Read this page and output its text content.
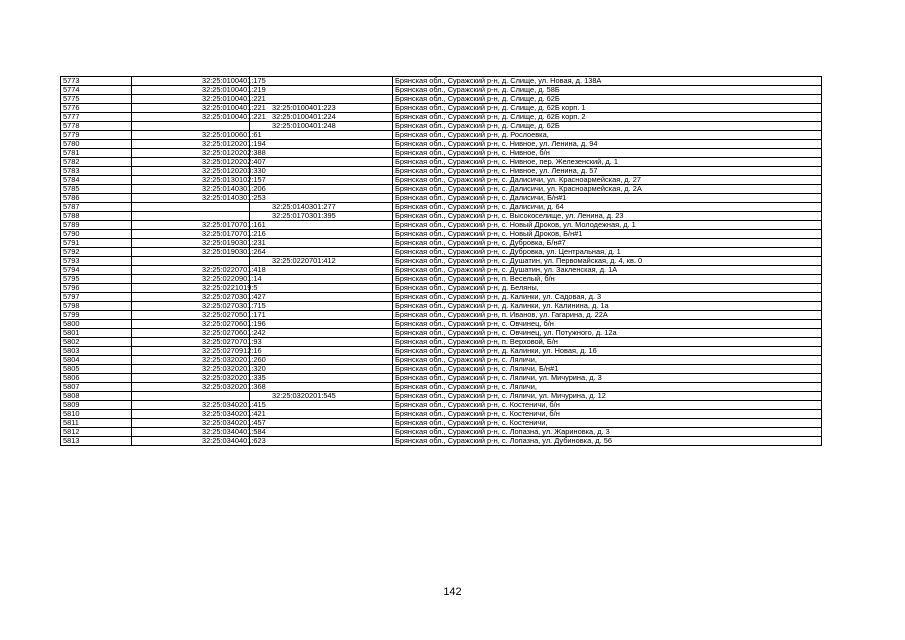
5773	32:25:0100401:175		Брянская обл., Суражский р-н, д. Слище, ул. Новая, д. 138А
5774	32:25:0100401:219		Брянская обл., Суражский р-н, д. Слище, д. 58Б
5775	32:25:0100401:221		Брянская обл., Суражский р-н, д. Слище, д. 62Б
5776	32:25:0100401:221	32:25:0100401:223	Брянская обл., Суражский р-н, д. Слище, д. 62Б корп. 1
5777	32:25:0100401:221	32:25:0100401:224	Брянская обл., Суражский р-н, д. Слище, д. 62Б корп. 2
5778		32:25:0100401:248	Брянская обл., Суражский р-н, д. Слище, д. 62Б
5779	32:25:0100601:61		Брянская обл., Суражский р-н, д. Рослоевка,
5780	32:25:0120201:194		Брянская обл., Суражский р-н, с. Нивное, ул. Ленина, д. 94
5781	32:25:0120202:388		Брянская обл., Суражский р-н, с. Нивное, б/н
5782	32:25:0120202:407		Брянская обл., Суражский р-н, с. Нивное, пер. Железенский, д. 1
5783	32:25:0120203:330		Брянская обл., Суражский р-н, с. Нивное, ул. Ленина, д. 57
5784	32:25:0130102:157		Брянская обл., Суражский р-н, с. Далисичи, ул. Красноармейская, д. 27
5785	32:25:0140301:206		Брянская обл., Суражский р-н, с. Далисичи, ул. Красноармейская, д. 2А
5786	32:25:0140301:253		Брянская обл., Суражский р-н, с. Далисичи, Б/н#1
5787		32:25:0140301:277	Брянская обл., Суражский р-н, с. Далисичи, д. 64
5788		32:25:0170301:395	Брянская обл., Суражский р-н, с. Высокоселище, ул. Ленина, д. 23
5789	32:25:0170701:161		Брянская обл., Суражский р-н, с. Новый Дроков, ул. Молодежная, д. 1
5790	32:25:0170701:216		Брянская обл., Суражский р-н, с. Новый Дроков, Б/н#1
5791	32:25:0190301:231		Брянская обл., Суражский р-н, с. Дубровка, Б/н#7
5792	32:25:0190301:264		Брянская обл., Суражский р-н, с. Дубровка, ул. Центральная, д. 1
5793		32:25:0220701:412	Брянская обл., Суражский р-н, с. Душатин, ул. Первомайская, д. 4, кв. 0
5794	32:25:0220701:418		Брянская обл., Суражский р-н, с. Душатин, ул. Закленская, д. 1А
5795	32:25:0220901:14		Брянская обл., Суражский р-н, п. Веселый, б/н
5796	32:25:0221019:5		Брянская обл., Суражский р-н, д. Беляны,
5797	32:25:0270301:427		Брянская обл., Суражский р-н, д. Калинки, ул. Садовая, д. 3
5798	32:25:0270301:715		Брянская обл., Суражский р-н, д. Калинки, ул. Калинина, д. 1а
5799	32:25:0270501:171		Брянская обл., Суражский р-н, п. Иванов, ул. Гагарина, д. 22А
5800	32:25:0270601:196		Брянская обл., Суражский р-н, с. Овчинец, б/н
5801	32:25:0270601:242		Брянская обл., Суражский р-н, с. Овчинец, ул. Потужного, д. 12а
5802	32:25:0270701:93		Брянская обл., Суражский р-н, п. Верховой, Б/н
5803	32:25:0270912:16		Брянская обл., Суражский р-н, д. Калинки, ул. Новая, д. 16
5804	32:25:0320201:260		Брянская обл., Суражский р-н, с. Ляличи,
5805	32:25:0320201:320		Брянская обл., Суражский р-н, с. Ляличи, Б/н#1
5806	32:25:0320201:335		Брянская обл., Суражский р-н, с. Ляличи, ул. Мичурина, д. 3
5807	32:25:0320201:368		Брянская обл., Суражский р-н, с. Ляличи,
5808		32:25:0320201:545	Брянская обл., Суражский р-н, с. Ляличи, ул. Мичурина, д. 12
5809	32:25:0340201:415		Брянская обл., Суражский р-н, с. Костеничи, б/н
5810	32:25:0340201:421		Брянская обл., Суражский р-н, с. Костеничи, б/н
5811	32:25:0340201:457		Брянская обл., Суражский р-н, с. Костеничи,
5812	32:25:0340401:584		Брянская обл., Суражский р-н, с. Лопазна, ул. Жариновка, д. 3
5813	32:25:0340401:623		Брянская обл., Суражский р-н, с. Лопазна, ул. Дубиновка, д. 56
142
